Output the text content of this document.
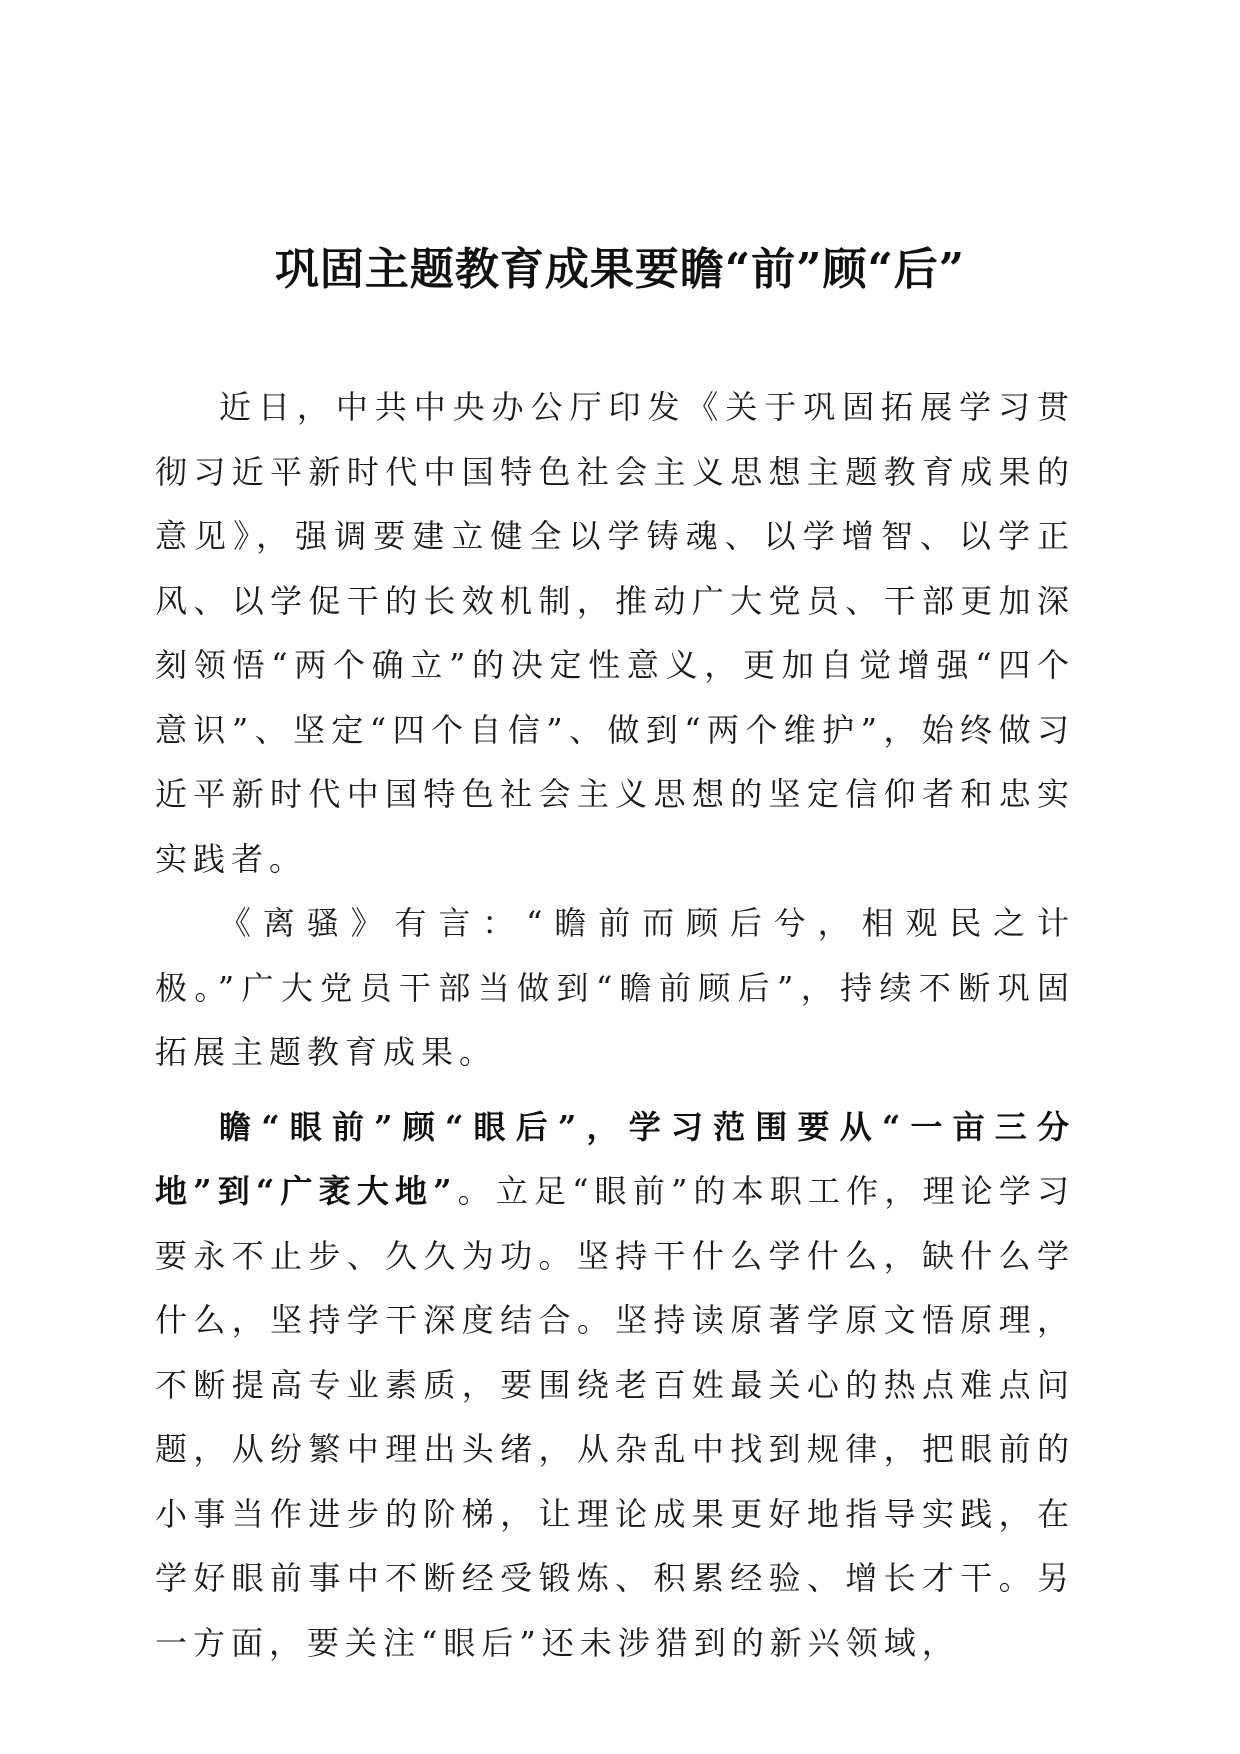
巩固主题教育成果要瞻“前”顾“后”

近日，中共中央办公厅印发《关于巩固拓展学习贯彻习近平新时代中国特色社会主义思想主题教育成果的意见》，强调要建立健全以学铸魂、以学增智、以学正风、以学促干的长效机制，推动广大党员、干部更加深刻领悟“两个确立”的决定性意义，更加自觉增强“四个意识”、坚定“四个自信”、做到“两个维护”，始终做习近平新时代中国特色社会主义思想的坚定信仰者和忠实实践者。

《离骚》有言：“瞻前而顾后兮，相观民之计极。”广大党员干部当做到“瞻前顾后”，持续不断巩固拓展主题教育成果。

瞻“眼前”顾“眼后”，学习范围要从“一亩三分地”到“广袤大地”。立足“眼前”的本职工作，理论学习要永不止步、久久为功。坚持干什么学什么，缺什么学什么，坚持学干深度结合。坚持读原著学原文悟原理，不断提高专业素质，要围绕老百姓最关心的热点难点问题，从纷繁中理出头绪，从杂乱中找到规律，把眼前的小事当作进步的阶梯，让理论成果更好地指导实践，在学好眼前事中不断经受锻炼、积累经验、增长才干。另一方面，要关注“眼后”还未涉猎到的新兴领域，
